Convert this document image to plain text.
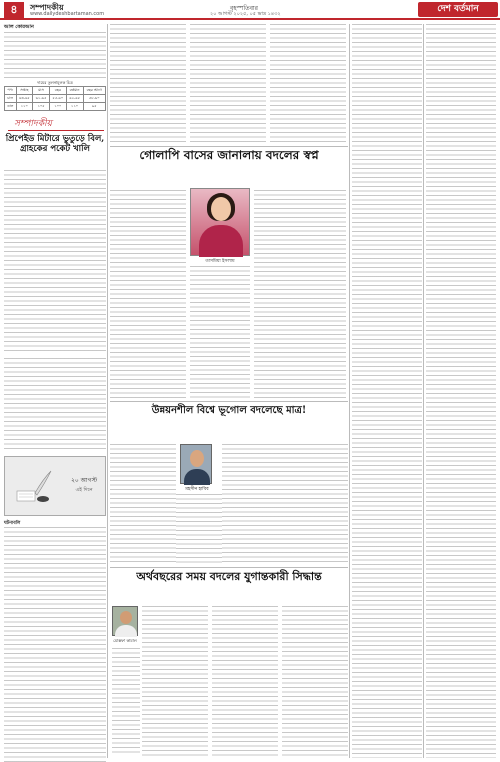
৪	সম্পাদকীয়
www.dailydeshbartaman.com
বৃহস্পতিবার
২০ আগস্ট ২০২৫, ০৫ ভাদ্র ১৪৩২	দেশ বর্তমান
আল কোরআন
দামের তুলনামূলক চিত্র
পণ্য	সপ্তাহ	মাস	বছর	বর্তমান	বছর আগে
চাল	৬৩-৬৫	৬১-৬৫	৫৫-৬০	৬২-৬৫	৫৮-৬০
ডাল	১১০	১০৫	১০০	১১০	৯৫
সম্পাদকীয়
প্রিপেইড মিটারে ভুতুড়ে বিল, গ্রাহকের পকেট খালি
২০ আগস্ট
এই দিনে
ঘটনাবলি
গোলাপি বাসের জানালায় বদলের স্বপ্ন
তাসমিয়া ইসলাম
উন্নয়নশীল বিশ্বে ভূগোল বদলেছে মাত্র!
মহসীন হাবিব
অর্থবছরের সময় বদলের যুগান্তকারী সিদ্ধান্ত
মোস্তফা কামাল
